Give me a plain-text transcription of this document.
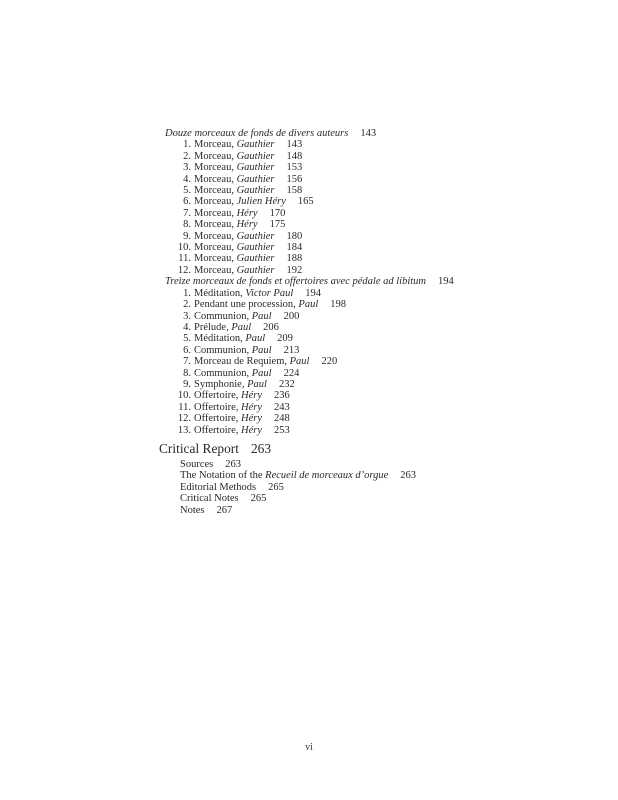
Douze morceaux de fonds de divers auteurs 143
1. Morceau, Gauthier 143
2. Morceau, Gauthier 148
3. Morceau, Gauthier 153
4. Morceau, Gauthier 156
5. Morceau, Gauthier 158
6. Morceau, Julien Héry 165
7. Morceau, Héry 170
8. Morceau, Héry 175
9. Morceau, Gauthier 180
10. Morceau, Gauthier 184
11. Morceau, Gauthier 188
12. Morceau, Gauthier 192
Treize morceaux de fonds et offertoires avec pédale ad libitum 194
1. Méditation, Victor Paul 194
2. Pendant une procession, Paul 198
3. Communion, Paul 200
4. Prélude, Paul 206
5. Méditation, Paul 209
6. Communion, Paul 213
7. Morceau de Requiem, Paul 220
8. Communion, Paul 224
9. Symphonie, Paul 232
10. Offertoire, Héry 236
11. Offertoire, Héry 243
12. Offertoire, Héry 248
13. Offertoire, Héry 253
Critical Report 263
Sources 263
The Notation of the Recueil de morceaux d’orgue 263
Editorial Methods 265
Critical Notes 265
Notes 267
vi
